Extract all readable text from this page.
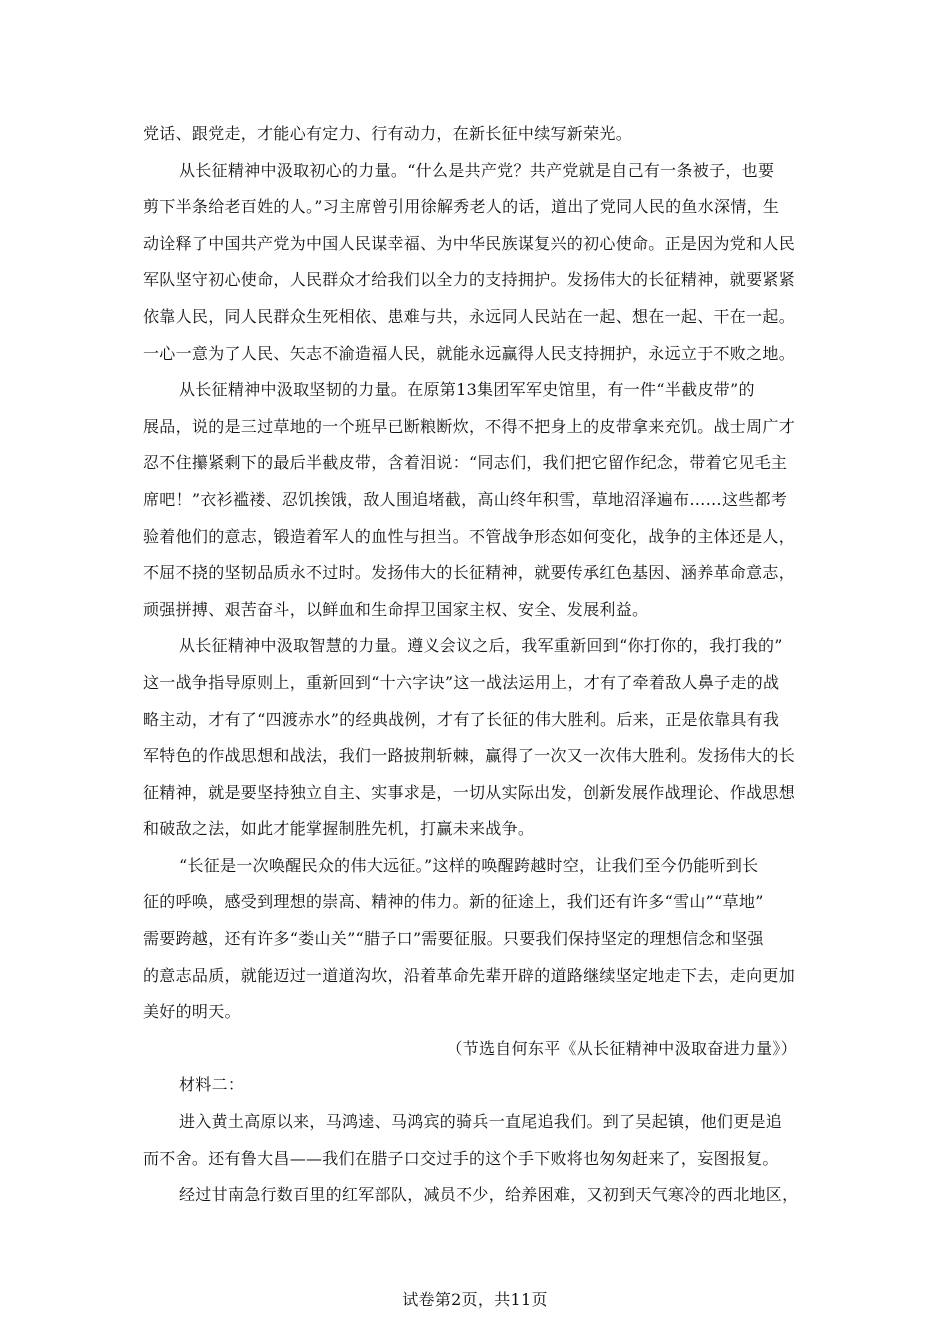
党话、跟党走，才能心有定力、行有动力，在新长征中续写新荣光。
从长征精神中汲取初心的力量。“什么是共产党？共产党就是自己有一条被子，也要
剪下半条给老百姓的人。”习主席曾引用徐解秀老人的话，道出了党同人民的鱼水深情，生
动诠释了中国共产党为中国人民谋幸福、为中华民族谋复兴的初心使命。正是因为党和人民
军队坚守初心使命，人民群众才给我们以全力的支持拥护。发扬伟大的长征精神，就要紧紧
依靠人民，同人民群众生死相依、患难与共，永远同人民站在一起、想在一起、干在一起。
一心一意为了人民、矢志不渝造福人民，就能永远赢得人民支持拥护，永远立于不败之地。
从长征精神中汲取坚韧的力量。在原第13集团军军史馆里，有一件“半截皮带”的
展品，说的是三过草地的一个班早已断粮断炊，不得不把身上的皮带拿来充饥。战士周广才
忍不住攥紧剩下的最后半截皮带，含着泪说：“同志们，我们把它留作纪念，带着它见毛主
席吧！”衣衫褴褛、忍饥挨饿，敌人围追堵截，高山终年积雪，草地沼泽遍布……这些都考
验着他们的意志，锻造着军人的血性与担当。不管战争形态如何变化，战争的主体还是人，
不屈不挠的坚韧品质永不过时。发扬伟大的长征精神，就要传承红色基因、涵养革命意志，
顽强拼搏、艰苦奋斗，以鲜血和生命捍卫国家主权、安全、发展利益。
从长征精神中汲取智慧的力量。遵义会议之后，我军重新回到“你打你的，我打我的”
这一战争指导原则上，重新回到“十六字诀”这一战法运用上，才有了牵着敌人鼻子走的战
略主动，才有了“四渡赤水”的经典战例，才有了长征的伟大胜利。后来，正是依靠具有我
军特色的作战思想和战法，我们一路披荆斩棘，赢得了一次又一次伟大胜利。发扬伟大的长
征精神，就是要坚持独立自主、实事求是，一切从实际出发，创新发展作战理论、作战思想
和破敌之法，如此才能掌握制胜先机，打赢未来战争。
“长征是一次唤醒民众的伟大远征。”这样的唤醒跨越时空，让我们至今仍能听到长
征的呼唤，感受到理想的崇高、精神的伟力。新的征途上，我们还有许多“雪山”“草地”
需要跨越，还有许多“娄山关”“腊子口”需要征服。只要我们保持坚定的理想信念和坚强
的意志品质，就能迈过一道道沟坎，沿着革命先辈开辟的道路继续坚定地走下去，走向更加
美好的明天。
（节选自何东平《从长征精神中汲取奋进力量》）
材料二：
进入黄土高原以来，马鸿逵、马鸿宾的骑兵一直尾追我们。到了吴起镇，他们更是追
而不舍。还有鲁大昌——我们在腊子口交过手的这个手下败将也匆匆赶来了，妄图报复。
经过甘南急行数百里的红军部队，减员不少，给养困难，又初到天气寒冷的西北地区，
试卷第2页，共11页
